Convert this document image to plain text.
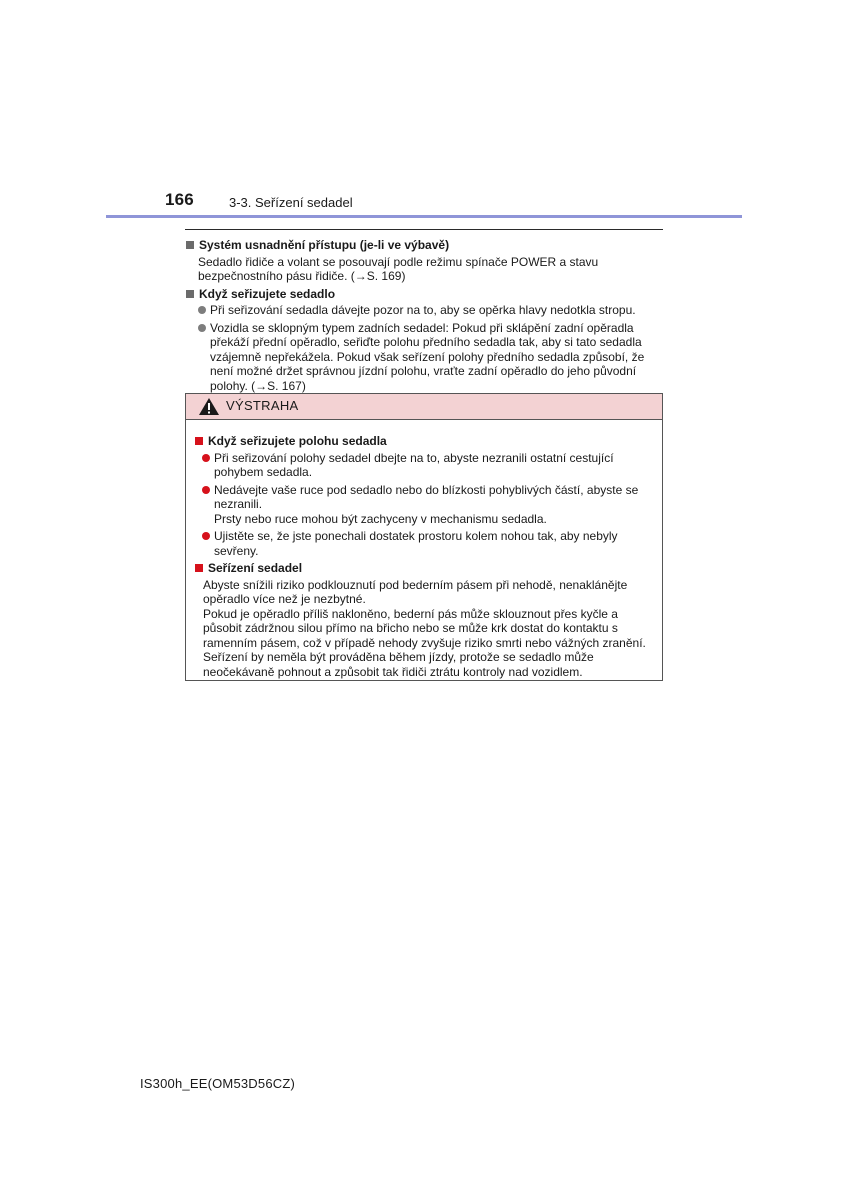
166	3-3. Seřízení sedadel
Systém usnadnění přístupu (je-li ve výbavě)
Sedadlo řidiče a volant se posouvají podle režimu spínače POWER a stavu bezpečnostního pásu řidiče. (→S. 169)
Když seřizujete sedadlo
Při seřizování sedadla dávejte pozor na to, aby se opěrka hlavy nedotkla stropu.
Vozidla se sklopným typem zadních sedadel: Pokud při sklápění zadní opěradla překáží přední opěradlo, seřiďte polohu předního sedadla tak, aby si tato sedadla vzájemně nepřekážela. Pokud však seřízení polohy předního sedadla způsobí, že není možné držet správnou jízdní polohu, vraťte zadní opěradlo do jeho původní polohy. (→S. 167)
VÝSTRAHA
Když seřizujete polohu sedadla
Při seřizování polohy sedadel dbejte na to, abyste nezranili ostatní cestující pohybem sedadla.
Nedávejte vaše ruce pod sedadlo nebo do blízkosti pohyblivých částí, abyste se nezranili.
Prsty nebo ruce mohou být zachyceny v mechanismu sedadla.
Ujistěte se, že jste ponechali dostatek prostoru kolem nohou tak, aby nebyly sevřeny.
Seřízení sedadel
Abyste snížili riziko podklouznutí pod bederním pásem při nehodě, nenaklánějte opěradlo více než je nezbytné.
Pokud je opěradlo příliš nakloněno, bederní pás může sklouznout přes kyčle a působit zádržnou silou přímo na břicho nebo se může krk dostat do kontaktu s ramenním pásem, což v případě nehody zvyšuje riziko smrti nebo vážných zranění.
Seřízení by neměla být prováděna během jízdy, protože se sedadlo může neočekávaně pohnout a způsobit tak řidiči ztrátu kontroly nad vozidlem.
IS300h_EE(OM53D56CZ)
